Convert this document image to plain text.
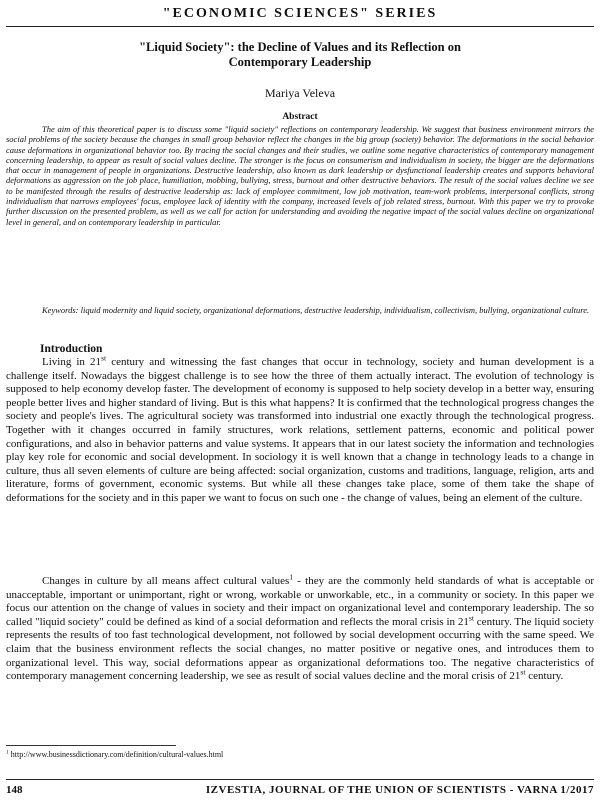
"ECONOMIC SCIENCES" SERIES
"Liquid Society": the Decline of Values and its Reflection on
Contemporary Leadership
Mariya Veleva
Abstract

The aim of this theoretical paper is to discuss some "liquid society" reflections on contemporary leadership. We suggest that business environment mirrors the social problems of the society because the changes in small group behavior reflect the changes in the big group (society) behavior. The deformations in the social behavior cause deformations in organizational behavior too. By tracing the social changes and their studies, we outline some negative characteristics of contemporary management concerning leadership, to appear as result of social values decline. The stronger is the focus on consumerism and individualism in society, the bigger are the deformations that occur in management of people in organizations. Destructive leadership, also known as dark leadership or dysfunctional leadership creates and supports behavioral deformations as aggression on the job place, humiliation, mobbing, bullying, stress, burnout and other destructive behaviors. The result of the social values decline we see to be manifested through the results of destructive leadership as: lack of employee commitment, low job motivation, team-work problems, interpersonal conflicts, strong individualism that narrows employees' focus, employee lack of identity with the company, increased levels of job related stress, burnout. With this paper we try to provoke further discussion on the presented problem, as well as we call for action for understanding and avoiding the negative impact of the social values decline on organizational level in general, and on contemporary leadership in particular.

Keywords: liquid modernity and liquid society, organizational deformations, destructive leadership, individualism, collectivism, bullying, organizational culture.

Introduction

Living in 21st century and witnessing the fast changes that occur in technology, society and human development is a challenge itself. Nowadays the biggest challenge is to see how the three of them actually interact. The evolution of technology is supposed to help economy develop faster. The development of economy is supposed to help society develop in a better way, ensuring people better lives and higher standard of living. But is this what happens? It is confirmed that the technological progress changes the society and people's lives. The agricultural society was transformed into industrial one exactly through the technological progress. Together with it changes occurred in family structures, work relations, settlement patterns, economic and political power configurations, and also in behavior patterns and value systems. It appears that in our latest society the information and technologies play key role for economic and social development. In sociology it is well known that a change in technology leads to a change in culture, thus all seven elements of culture are being affected: social organization, customs and traditions, language, religion, arts and literature, forms of government, economic systems. But while all these changes take place, some of them take the shape of deformations for the society and in this paper we want to focus on such one - the change of values, being an element of the culture.

Changes in culture by all means affect cultural values$^1$ - they are the commonly held standards of what is acceptable or unacceptable, important or unimportant, right or wrong, workable or unworkable, etc., in a community or society. In this paper we focus our attention on the change of values in society and their impact on organizational level and contemporary leadership. The so called "liquid society" could be defined as kind of a social deformation and reflects the moral crisis in 21st century. The liquid society represents the results of too fast technological development, not followed by social development occurring with the same speed. We claim that the business environment reflects the social changes, no matter positive or negative ones, and introduces them to organizational level. This way, social deformations appear as organizational deformations too. The negative characteristics of contemporary management concerning leadership, we see as result of social values decline and the moral crisis of 21st century.

$^1$ http://www.businessdictionary.com/definition/cultural-values.html
148	IZVESTIA, JOURNAL OF THE UNION OF SCIENTISTS - VARNA 1/2017
